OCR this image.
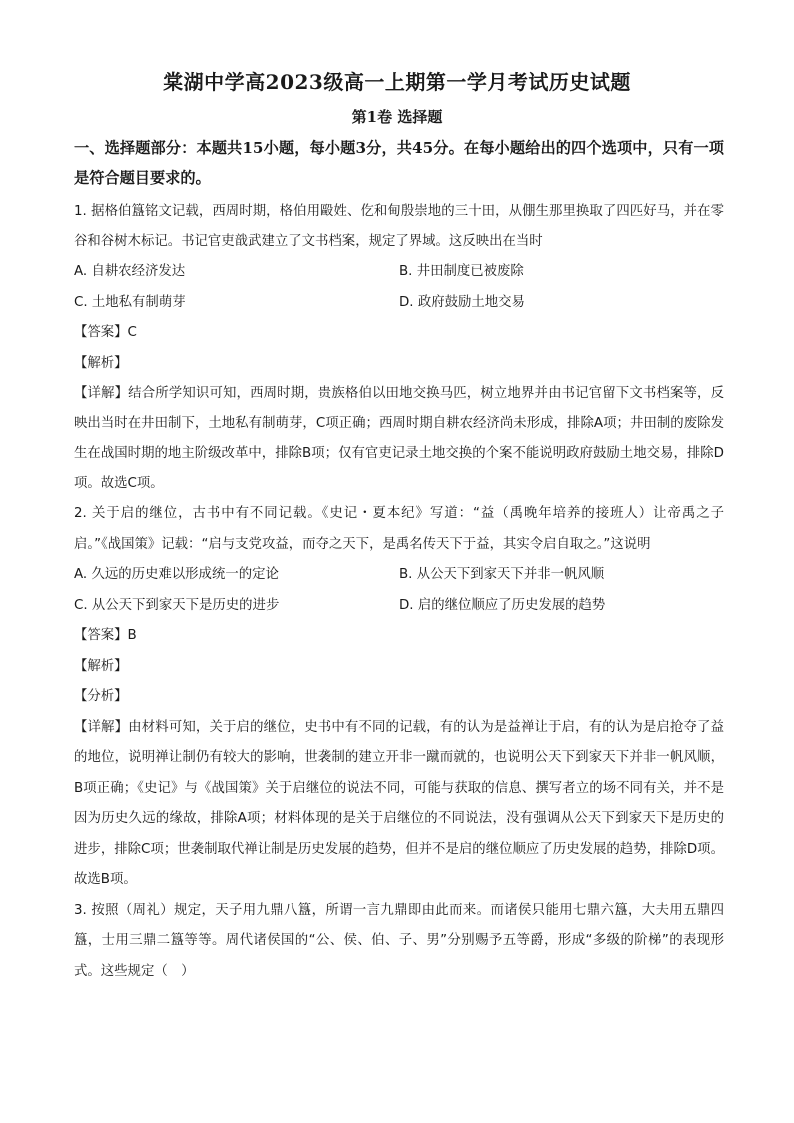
棠湖中学高2023级高一上期第一学月考试历史试题
第1卷 选择题

一、选择题部分：本题共15小题，每小题3分，共45分。在每小题给出的四个选项中，只有一项是符合题目要求的。

1. 据格伯簋铭文记载，西周时期，格伯用毆姓、仡和甸殷崇地的三十田，从倗生那里换取了四匹好马，并在零谷和谷树木标记。书记官吏戠武建立了文书档案，规定了界域。这反映出在当时

A. 自耕农经济发达	B. 井田制度已被废除
C. 土地私有制萌芽	D. 政府鼓励土地交易
【答案】C
【解析】

【详解】结合所学知识可知，西周时期，贵族格伯以田地交换马匹，树立地界并由书记官留下文书档案等，反映出当时在井田制下，土地私有制萌芽，C项正确；西周时期自耕农经济尚未形成，排除A项；井田制的废除发生在战国时期的地主阶级改革中，排除B项；仅有官吏记录土地交换的个案不能说明政府鼓励土地交易，排除D项。故选C项。

2. 关于启的继位，古书中有不同记载。《史记・夏本纪》写道：“益（禹晚年培养的接班人）让帝禹之子启。”《战国策》记载：“启与支党攻益，而夺之天下，是禹名传天下于益，其实令启自取之。”这说明

A. 久远的历史难以形成统一的定论	B. 从公天下到家天下并非一帆风顺
C. 从公天下到家天下是历史的进步	D. 启的继位顺应了历史发展的趋势
【答案】B
【解析】
【分析】

【详解】由材料可知，关于启的继位，史书中有不同的记载，有的认为是益禅让于启，有的认为是启抢夺了益的地位，说明禅让制仍有较大的影响，世袭制的建立开非一蹴而就的，也说明公天下到家天下并非一帆风顺，B项正确；《史记》与《战国策》关于启继位的说法不同，可能与获取的信息、撰写者立的场不同有关，并不是因为历史久远的缘故，排除A项；材料体现的是关于启继位的不同说法，没有强调从公天下到家天下是历史的进步，排除C项；世袭制取代禅让制是历史发展的趋势，但并不是启的继位顺应了历史发展的趋势，排除D项。故选B项。

3. 按照（周礼）规定，天子用九鼎八簋，所谓一言九鼎即由此而来。而诸侯只能用七鼎六簋，大夫用五鼎四簋，士用三鼎二簋等等。周代诸侯国的“公、侯、伯、子、男”分别赐予五等爵，形成“多级的阶梯”的表现形式。这些规定（　）
